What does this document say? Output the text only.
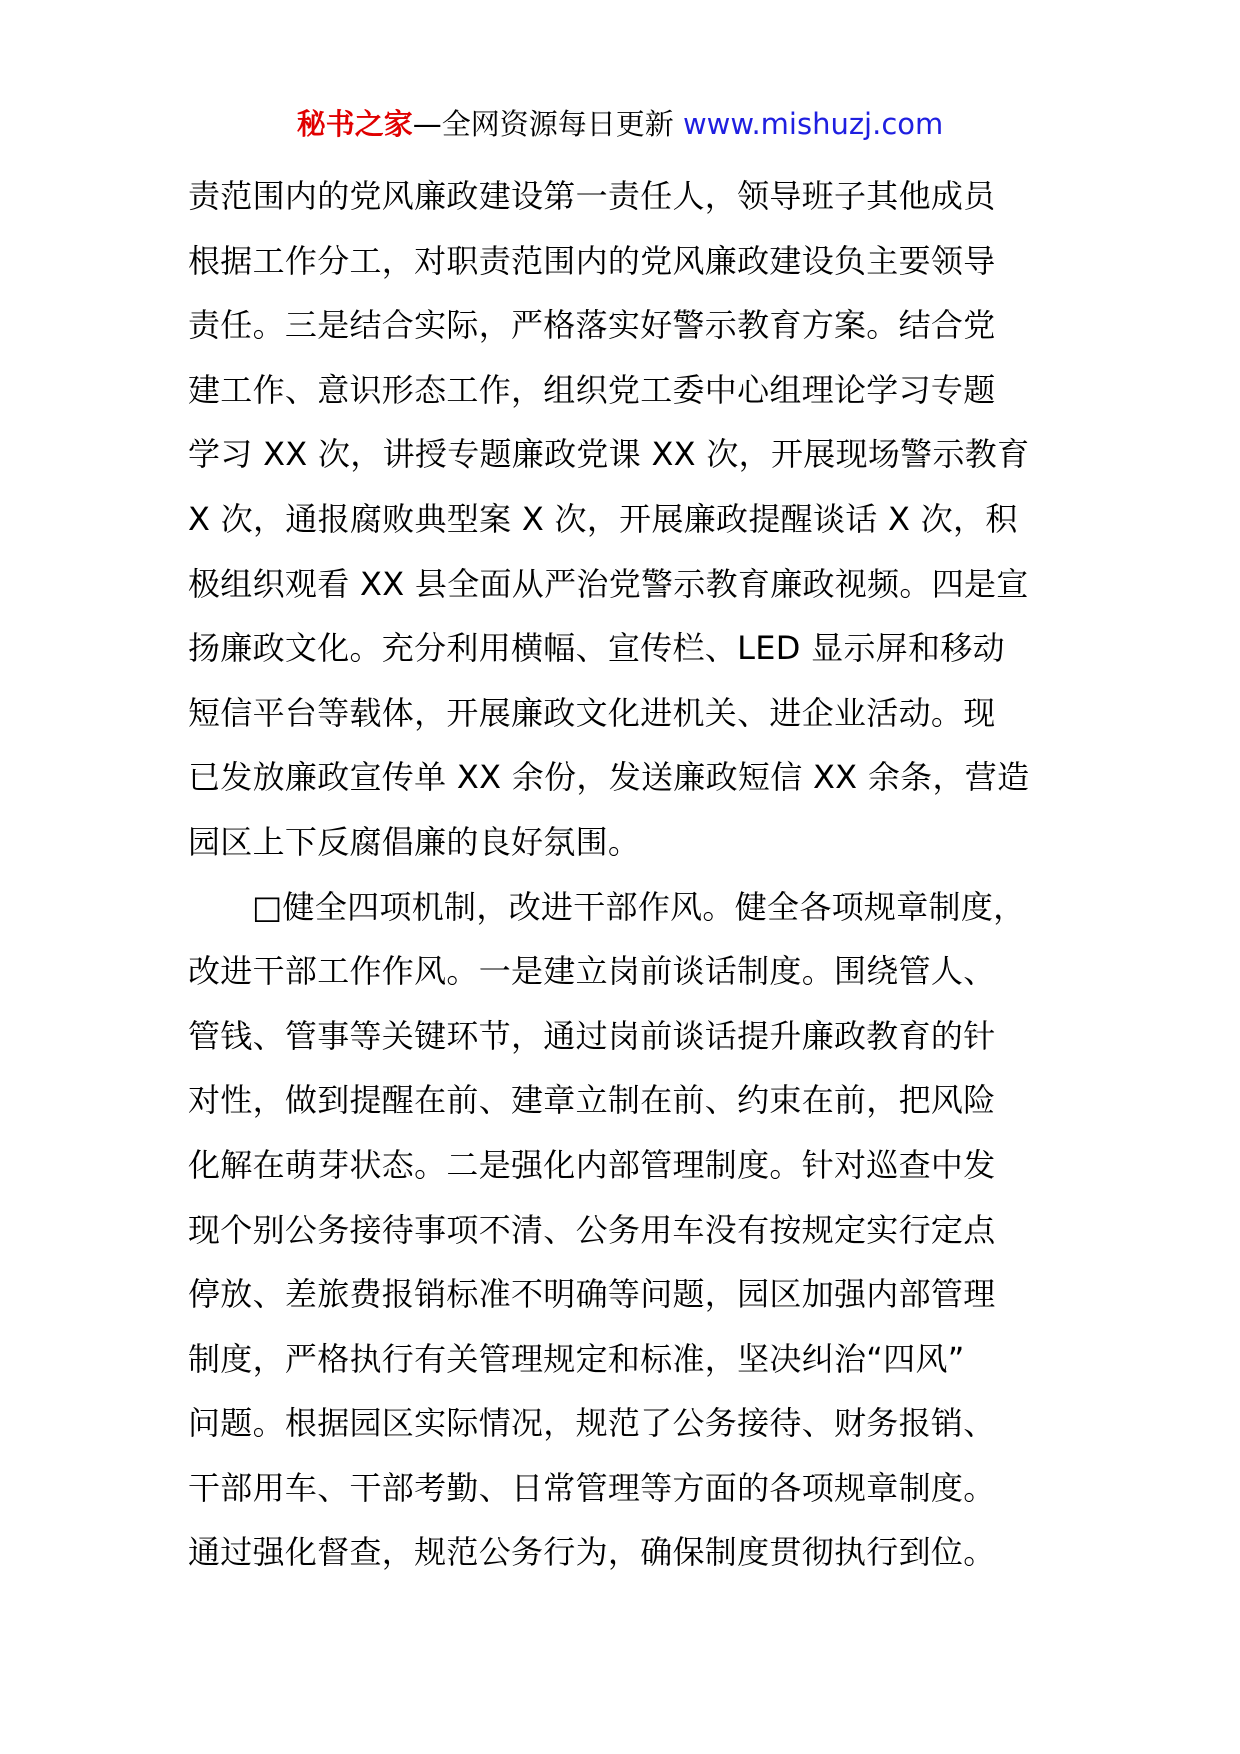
秘书之家—全网资源每日更新 www.mishuzj.com
责范围内的党风廉政建设第一责任人，领导班子其他成员
根据工作分工，对职责范围内的党风廉政建设负主要领导
责任。三是结合实际，严格落实好警示教育方案。结合党
建工作、意识形态工作，组织党工委中心组理论学习专题
学习 XX 次，讲授专题廉政党课 XX 次，开展现场警示教育
X 次，通报腐败典型案 X 次，开展廉政提醒谈话 X 次，积
极组织观看 XX 县全面从严治党警示教育廉政视频。四是宣
扬廉政文化。充分利用横幅、宣传栏、LED 显示屏和移动
短信平台等载体，开展廉政文化进机关、进企业活动。现
已发放廉政宣传单 XX 余份，发送廉政短信 XX 余条，营造
园区上下反腐倡廉的良好氛围。
□健全四项机制，改进干部作风。健全各项规章制度，
改进干部工作作风。一是建立岗前谈话制度。围绕管人、
管钱、管事等关键环节，通过岗前谈话提升廉政教育的针
对性，做到提醒在前、建章立制在前、约束在前，把风险
化解在萌芽状态。二是强化内部管理制度。针对巡查中发
现个别公务接待事项不清、公务用车没有按规定实行定点
停放、差旅费报销标准不明确等问题，园区加强内部管理
制度，严格执行有关管理规定和标准，坚决纠治“四风”
问题。根据园区实际情况，规范了公务接待、财务报销、
干部用车、干部考勤、日常管理等方面的各项规章制度。
通过强化督查，规范公务行为，确保制度贯彻执行到位。
